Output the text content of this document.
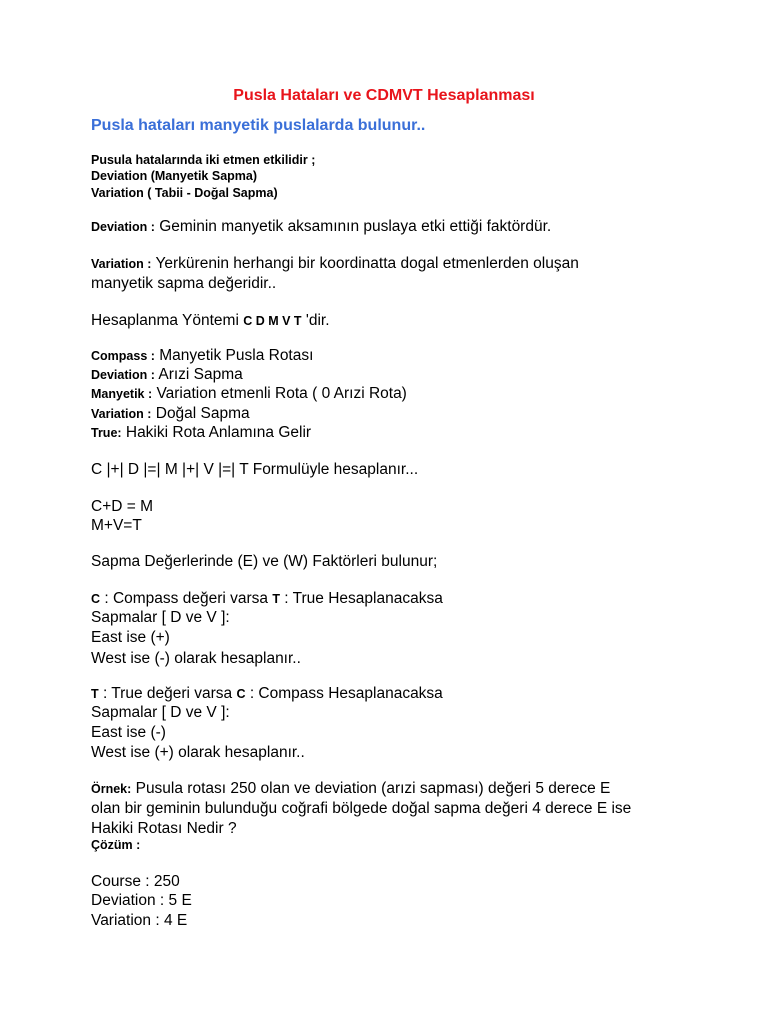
Pusla Hataları ve CDMVT Hesaplanması
Pusla hataları manyetik puslalarda bulunur..
Pusula hatalarında iki etmen etkilidir ;
Deviation (Manyetik Sapma)
Variation ( Tabii - Doğal Sapma)
Deviation : Geminin manyetik aksamının puslaya etki ettiği faktördür.
Variation : Yerkürenin herhangi bir koordinatta dogal etmenlerden oluşan
manyetik sapma değeridir..
Hesaplanma Yöntemi C D M V T 'dir.
Compass : Manyetik Pusla Rotası
Deviation : Arızi Sapma
Manyetik : Variation etmenli Rota ( 0 Arızi Rota)
Variation : Doğal Sapma
True: Hakiki Rota Anlamına Gelir
C |+| D |=| M |+| V |=| T Formulüyle hesaplanır...
C+D = M
M+V=T
Sapma Değerlerinde (E) ve (W) Faktörleri bulunur;
C : Compass değeri varsa T : True Hesaplanacaksa
Sapmalar [ D ve V ]:
East ise (+)
West ise (-) olarak hesaplanır..
T : True değeri varsa C : Compass Hesaplanacaksa
Sapmalar [ D ve V ]:
East ise (-)
West ise (+) olarak hesaplanır..
Örnek: Pusula rotası 250 olan ve deviation (arızi sapması) değeri 5 derece E
olan bir geminin bulunduğu coğrafi bölgede doğal sapma değeri 4 derece E ise
Hakiki Rotası Nedir ?
Çözüm :
Course : 250
Deviation : 5 E
Variation : 4 E
